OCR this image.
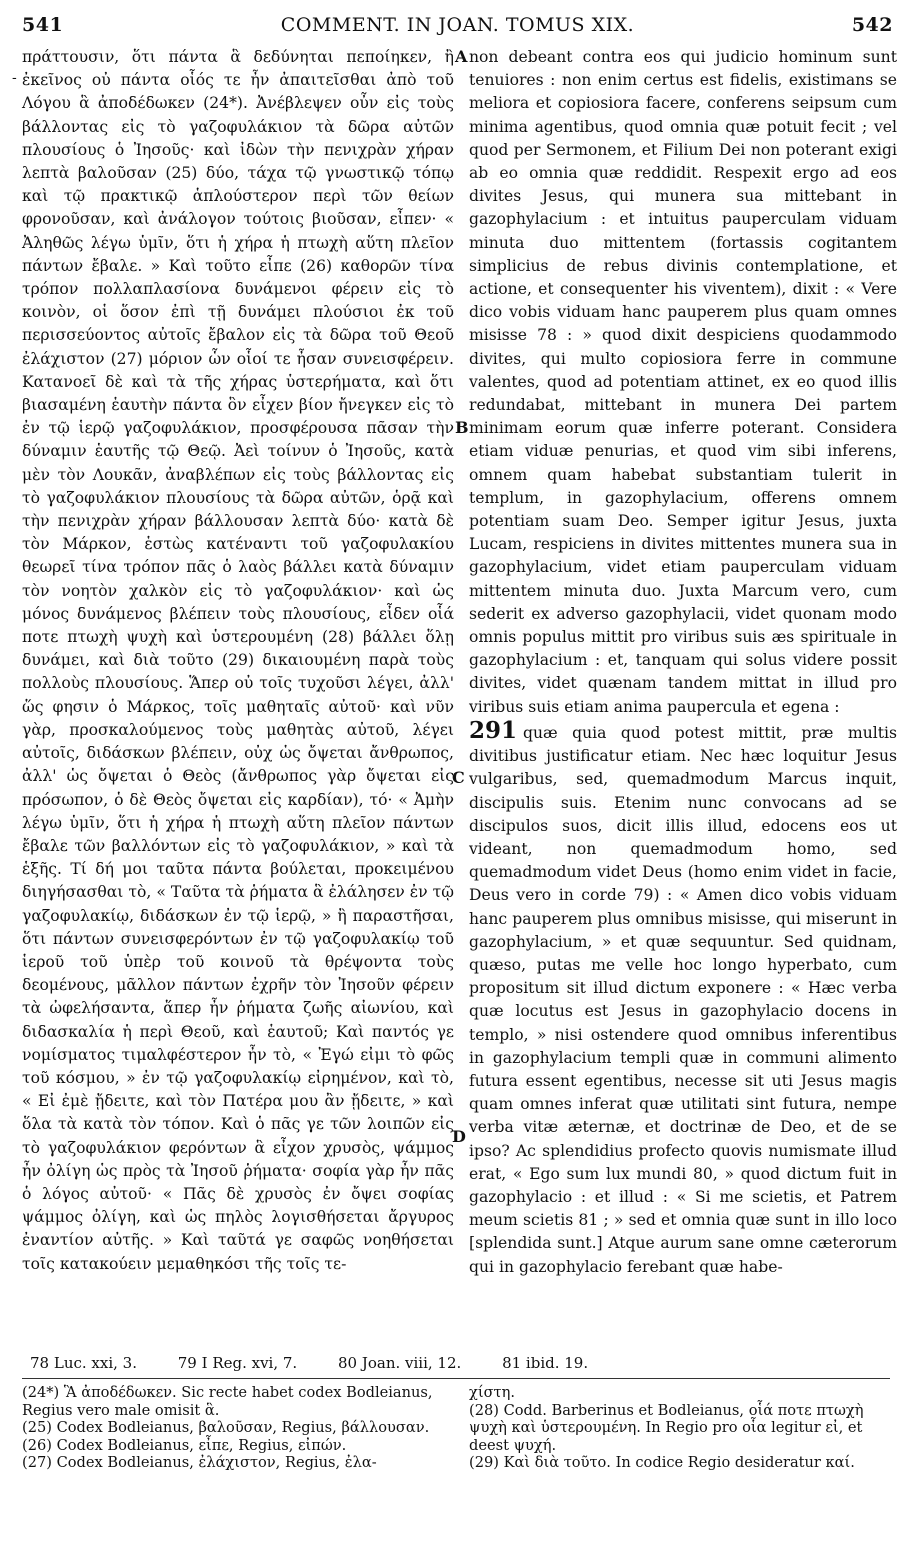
541	COMMENT. IN JOAN. TOMUS XIX.	542
-

πράττουσιν, ὅτι πάντα ἃ δεδύνηται πεποίηκεν, ἢ ἐκεῖνος οὐ πάντα οἷός τε ἦν ἀπαιτεῖσθαι ἀπὸ τοῦ Λόγου ἃ ἀποδέδωκεν (24*). Ἀνέβλεψεν οὖν εἰς τοὺς βάλλοντας εἰς τὸ γαζοφυλάκιον τὰ δῶρα αὐτῶν πλουσίους ὁ Ἰησοῦς· καὶ ἰδὼν τὴν πενιχρὰν χήραν λεπτὰ βαλοῦσαν (25) δύο, τάχα τῷ γνωστικῷ τόπῳ καὶ τῷ πρακτικῷ ἁπλούστερον περὶ τῶν θείων φρονοῦσαν, καὶ ἀνάλογον τούτοις βιοῦσαν, εἶπεν· « Ἀληθῶς λέγω ὑμῖν, ὅτι ἡ χήρα ἡ πτωχὴ αὕτη πλεῖον πάντων ἔβαλε. » Καὶ τοῦτο εἶπε (26) καθορῶν τίνα τρόπον πολλαπλασίονα δυνάμενοι φέρειν εἰς τὸ κοινὸν, οἱ ὅσον ἐπὶ τῇ δυνάμει πλούσιοι ἐκ τοῦ περισσεύοντος αὐτοῖς ἔβαλον εἰς τὰ δῶρα τοῦ Θεοῦ ἐλάχιστον (27) μόριον ὧν οἷοί τε ἦσαν συνεισφέρειν. Κατανοεῖ δὲ καὶ τὰ τῆς χήρας ὑστερήματα, καὶ ὅτι βιασαμένη ἑαυτὴν πάντα ὃν εἶχεν βίον ἤνεγκεν εἰς τὸ ἐν τῷ ἱερῷ γαζοφυλάκιον, προσφέρουσα πᾶσαν τὴν δύναμιν ἑαυτῆς τῷ Θεῷ. Ἀεὶ τοίνυν ὁ Ἰησοῦς, κατὰ μὲν τὸν Λουκᾶν, ἀναβλέπων εἰς τοὺς βάλλοντας εἰς τὸ γαζοφυλάκιον πλουσίους τὰ δῶρα αὐτῶν, ὁρᾷ καὶ τὴν πενιχρὰν χήραν βάλλουσαν λεπτὰ δύο· κατὰ δὲ τὸν Μάρκον, ἑστὼς κατέναντι τοῦ γαζοφυλακίου θεωρεῖ τίνα τρόπον πᾶς ὁ λαὸς βάλλει κατὰ δύναμιν τὸν νοητὸν χαλκὸν εἰς τὸ γαζοφυλάκιον· καὶ ὡς μόνος δυνάμενος βλέπειν τοὺς πλουσίους, εἶδεν οἷά ποτε πτωχὴ ψυχὴ καὶ ὑστερουμένη (28) βάλλει ὅλῃ δυνάμει, καὶ διὰ τοῦτο (29) δικαιουμένη παρὰ τοὺς πολλοὺς πλουσίους. Ἅπερ οὐ τοῖς τυχοῦσι λέγει, ἀλλ' ὥς φησιν ὁ Μάρκος, τοῖς μαθηταῖς αὐτοῦ· καὶ νῦν γὰρ, προσκαλούμενος τοὺς μαθητὰς αὐτοῦ, λέγει αὐτοῖς, διδάσκων βλέπειν, οὐχ ὡς ὄψεται ἄνθρωπος, ἀλλ' ὡς ὄψεται ὁ Θεὸς (ἄνθρωπος γὰρ ὄψεται εἰς πρόσωπον, ὁ δὲ Θεὸς ὄψεται εἰς καρδίαν), τό· « Ἀμὴν λέγω ὑμῖν, ὅτι ἡ χήρα ἡ πτωχὴ αὕτη πλεῖον πάντων ἔβαλε τῶν βαλλόντων εἰς τὸ γαζοφυλάκιον, » καὶ τὰ ἑξῆς. Τί δή μοι ταῦτα πάντα βούλεται, προκειμένου διηγήσασθαι τὸ, « Ταῦτα τὰ ῥήματα ἃ ἐλάλησεν ἐν τῷ γαζοφυλακίῳ, διδάσκων ἐν τῷ ἱερῷ, » ἢ παραστῆσαι, ὅτι πάντων συνεισφερόντων ἐν τῷ γαζοφυλακίῳ τοῦ ἱεροῦ τοῦ ὑπὲρ τοῦ κοινοῦ τὰ θρέψοντα τοὺς δεομένους, μᾶλλον πάντων ἐχρῆν τὸν Ἰησοῦν φέρειν τὰ ὠφελήσαντα, ἅπερ ἦν ῥήματα ζωῆς αἰωνίου, καὶ διδασκαλία ἡ περὶ Θεοῦ, καὶ ἑαυτοῦ; Καὶ παντός γε νομίσματος τιμαλφέστερον ἦν τὸ, « Ἐγώ εἰμι τὸ φῶς τοῦ κόσμου, » ἐν τῷ γαζοφυλακίῳ εἰρημένον, καὶ τὸ, « Εἰ ἐμὲ ᾔδειτε, καὶ τὸν Πατέρα μου ἂν ᾔδειτε, » καὶ ὅλα τὰ κατὰ τὸν τόπον. Καὶ ὁ πᾶς γε τῶν λοιπῶν εἰς τὸ γαζοφυλάκιον φερόντων ἃ εἶχον χρυσὸς, ψάμμος ἦν ὀλίγη ὡς πρὸς τὰ Ἰησοῦ ῥήματα· σοφία γὰρ ἦν πᾶς ὁ λόγος αὐτοῦ· « Πᾶς δὲ χρυσὸς ἐν ὄψει σοφίας ψάμμος ὀλίγη, καὶ ὡς πηλὸς λογισθήσεται ἄργυρος ἐναντίον αὐτῆς. » Καὶ ταῦτά γε σαφῶς νοηθήσεται τοῖς κατακούειν μεμαθηκόσι τῆς τοῖς τε-

A
B
C
D

non debeant contra eos qui judicio hominum sunt tenuiores : non enim certus est fidelis, existimans se meliora et copiosiora facere, conferens seipsum cum minima agentibus, quod omnia quæ potuit fecit ; vel quod per Sermonem, et Filium Dei non poterant exigi ab eo omnia quæ reddidit. Respexit ergo ad eos divites Jesus, qui munera sua mittebant in gazophylacium : et intuitus pauperculam viduam minuta duo mittentem (fortassis cogitantem simplicius de rebus divinis contemplatione, et actione, et consequenter his viventem), dixit : « Vere dico vobis viduam hanc pauperem plus quam omnes misisse 78 : » quod dixit despiciens quodammodo divites, qui multo copiosiora ferre in commune valentes, quod ad potentiam attinet, ex eo quod illis redundabat, mittebant in munera Dei partem minimam eorum quæ inferre poterant. Considera etiam viduæ penurias, et quod vim sibi inferens, omnem quam habebat substantiam tulerit in templum, in gazophylacium, offerens omnem potentiam suam Deo. Semper igitur Jesus, juxta Lucam, respiciens in divites mittentes munera sua in gazophylacium, videt etiam pauperculam viduam mittentem minuta duo. Juxta Marcum vero, cum sederit ex adverso gazophylacii, videt quonam modo omnis populus mittit pro viribus suis æs spirituale in gazophylacium : et, tanquam qui solus videre possit divites, videt quænam tandem mittat in illud pro viribus suis etiam anima paupercula et egena :

291 quæ quia quod potest mittit, præ multis divitibus justificatur etiam. Nec hæc loquitur Jesus vulgaribus, sed, quemadmodum Marcus inquit, discipulis suis. Etenim nunc convocans ad se discipulos suos, dicit illis illud, edocens eos ut videant, non quemadmodum homo, sed quemadmodum videt Deus (homo enim videt in facie, Deus vero in corde 79) : « Amen dico vobis viduam hanc pauperem plus omnibus misisse, qui miserunt in gazophylacium, » et quæ sequuntur. Sed quidnam, quæso, putas me velle hoc longo hyperbato, cum propositum sit illud dictum exponere : « Hæc verba quæ locutus est Jesus in gazophylacio docens in templo, » nisi ostendere quod omnibus inferentibus in gazophylacium templi quæ in communi alimento futura essent egentibus, necesse sit uti Jesus magis quam omnes inferat quæ utilitati sint futura, nempe verba vitæ æternæ, et doctrinæ de Deo, et de se ipso? Ac splendidius profecto quovis numismate illud erat, « Ego sum lux mundi 80, » quod dictum fuit in gazophylacio : et illud : « Si me scietis, et Patrem meum scietis 81 ; » sed et omnia quæ sunt in illo loco [splendida sunt.] Atque aurum sane omne cæterorum qui in gazophylacio ferebant quæ habe-

78 Luc. xxi, 3.	79 I Reg. xvi, 7.	80 Joan. viii, 12.	81 ibid. 19.

(24*) Ἃ ἀποδέδωκεν. Sic recte habet codex Bodleianus, Regius vero male omisit ἃ.

(25) Codex Bodleianus, βαλοῦσαν, Regius, βάλλουσαν.

(26) Codex Bodleianus, εἶπε, Regius, εἰπών.

(27) Codex Bodleianus, ἐλάχιστον, Regius, ἐλα-

χίστη.

(28) Codd. Barberinus et Bodleianus, οἷά ποτε πτωχὴ ψυχὴ καὶ ὑστερουμένη. In Regio pro οἷα legitur εἰ, et deest ψυχή.

(29) Καὶ διὰ τοῦτο. In codice Regio desideratur καί.
